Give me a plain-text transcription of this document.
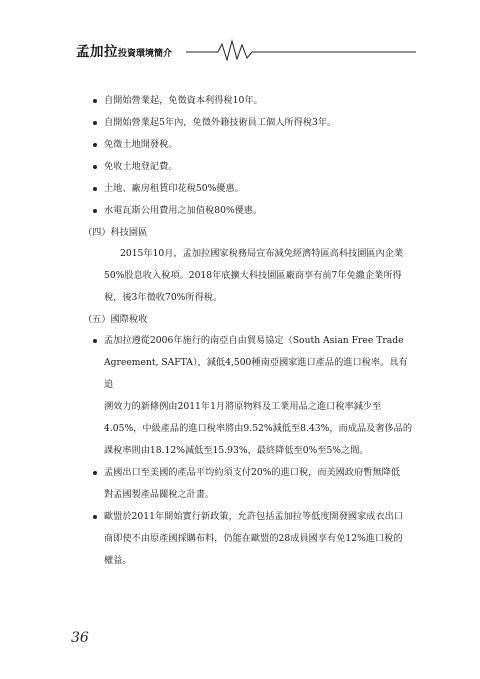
孟加拉投資環境簡介
自開始營業起，免徵資本利得稅10年。
自開始營業起5年內，免徵外籍技術員工個人所得稅3年。
免徵土地開發稅。
免收土地登記費。
土地、廠房租賃印花稅50%優惠。
水電瓦斯公用費用之加值稅80%優惠。
（四）科技園區
2015年10月，孟加拉國家稅務局宣布減免經濟特區高科技園區內企業
50%股息收入稅項。2018年底擴大科技園區廠商享有前7年免繳企業所得
稅，後3年徵收70%所得稅。
（五）國際稅收
孟加拉遵從2006年施行的南亞自由貿易協定（South Asian Free Trade
Agreement, SAFTA），減低4,500種南亞國家進口產品的進口稅率。具有追
溯效力的新條例由2011年1月將原物料及工業用品之進口稅率減少至
4.05%，中級產品的進口稅率將由9.52%減低至8.43%，而成品及奢侈品的
課稅率則由18.12%減低至15.93%，最終降低至0%至5%之間。
孟國出口至美國的產品平均約須支付20%的進口稅，而美國政府暫無降低
對孟國製產品關稅之計畫。
歐盟於2011年開始實行新政策，允許包括孟加拉等低度開發國家成衣出口
商即使不由原產國採購布料，仍能在歐盟的28成員國享有免12%進口稅的
權益。
36
